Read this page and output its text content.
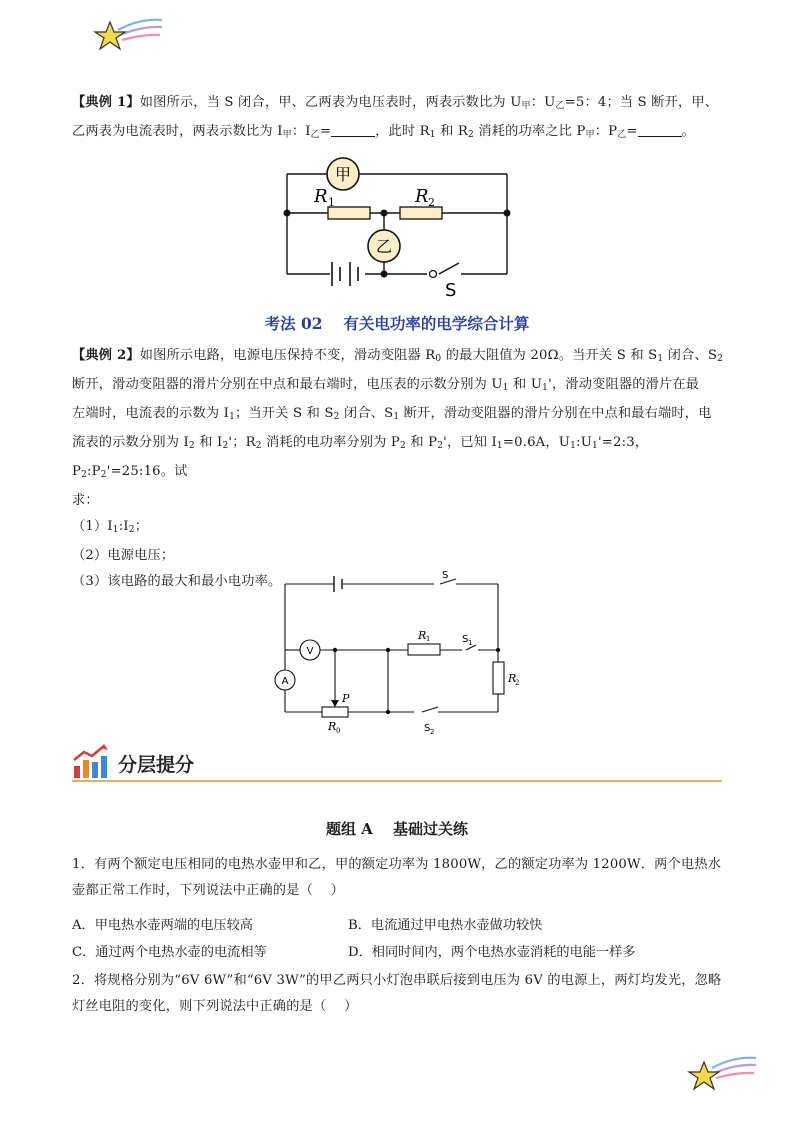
【典例 1】如图所示，当 S 闭合，甲、乙两表为电压表时，两表示数比为 $U_甲$：$U_乙=5$：4；当 S 断开，甲、
乙两表为电流表时，两表示数比为 $I_甲$：$I_乙=$	，此时 $R_1$ 和 $R_2$ 消耗的功率之比 $P_甲$：$P_乙=$	。
甲
乙
R 1	R 2
S
考法 02　 有关电功率的电学综合计算
【典例 2】如图所示电路，电源电压保持不变，滑动变阻器 $R_0$ 的最大阻值为 20Ω。当开关 S 和 $S_1$ 闭合、$S_2$
断开，滑动变阻器的滑片分别在中点和最右端时，电压表的示数分别为 $U_1$ 和 $U_1'$，滑动变阻器的滑片在最
左端时，电流表的示数为 $I_1$；当开关 S 和 $S_2$ 闭合、$S_1$ 断开，滑动变阻器的滑片分别在中点和最右端时，电
流表的示数分别为 $I_2$ 和 $I_2'$；$R_2$ 消耗的电功率分别为 $P_2$ 和 $P_2'$，已知 $I_1=0.6A$，$U_1:U_1'=2:3$，$P_2:P_2'=25:16$。试
求：
$(1)I_1:I_2$；
（2）电源电压；
（3）该电路的最大和最小电功率。
V
A
S
S 1
S 2
R 1
R
2
P
R 0
分层提分
题组 A　 基础过关练
1．有两个额定电压相同的电热水壶甲和乙，甲的额定功率为 1800W，乙的额定功率为 1200W．两个电热水
壶都正常工作时，下列说法中正确的是（　 ）
A．甲电热水壶两端的电压较高	B．电流通过甲电热水壶做功较快
C．通过两个电热水壶的电流相等	D．相同时间内，两个电热水壶消耗的电能一样多
2．将规格分别为“6V 6W”和“6V 3W”的甲乙两只小灯泡串联后接到电压为 6V 的电源上，两灯均发光，忽略
灯丝电阻的变化，则下列说法中正确的是（　 ）
